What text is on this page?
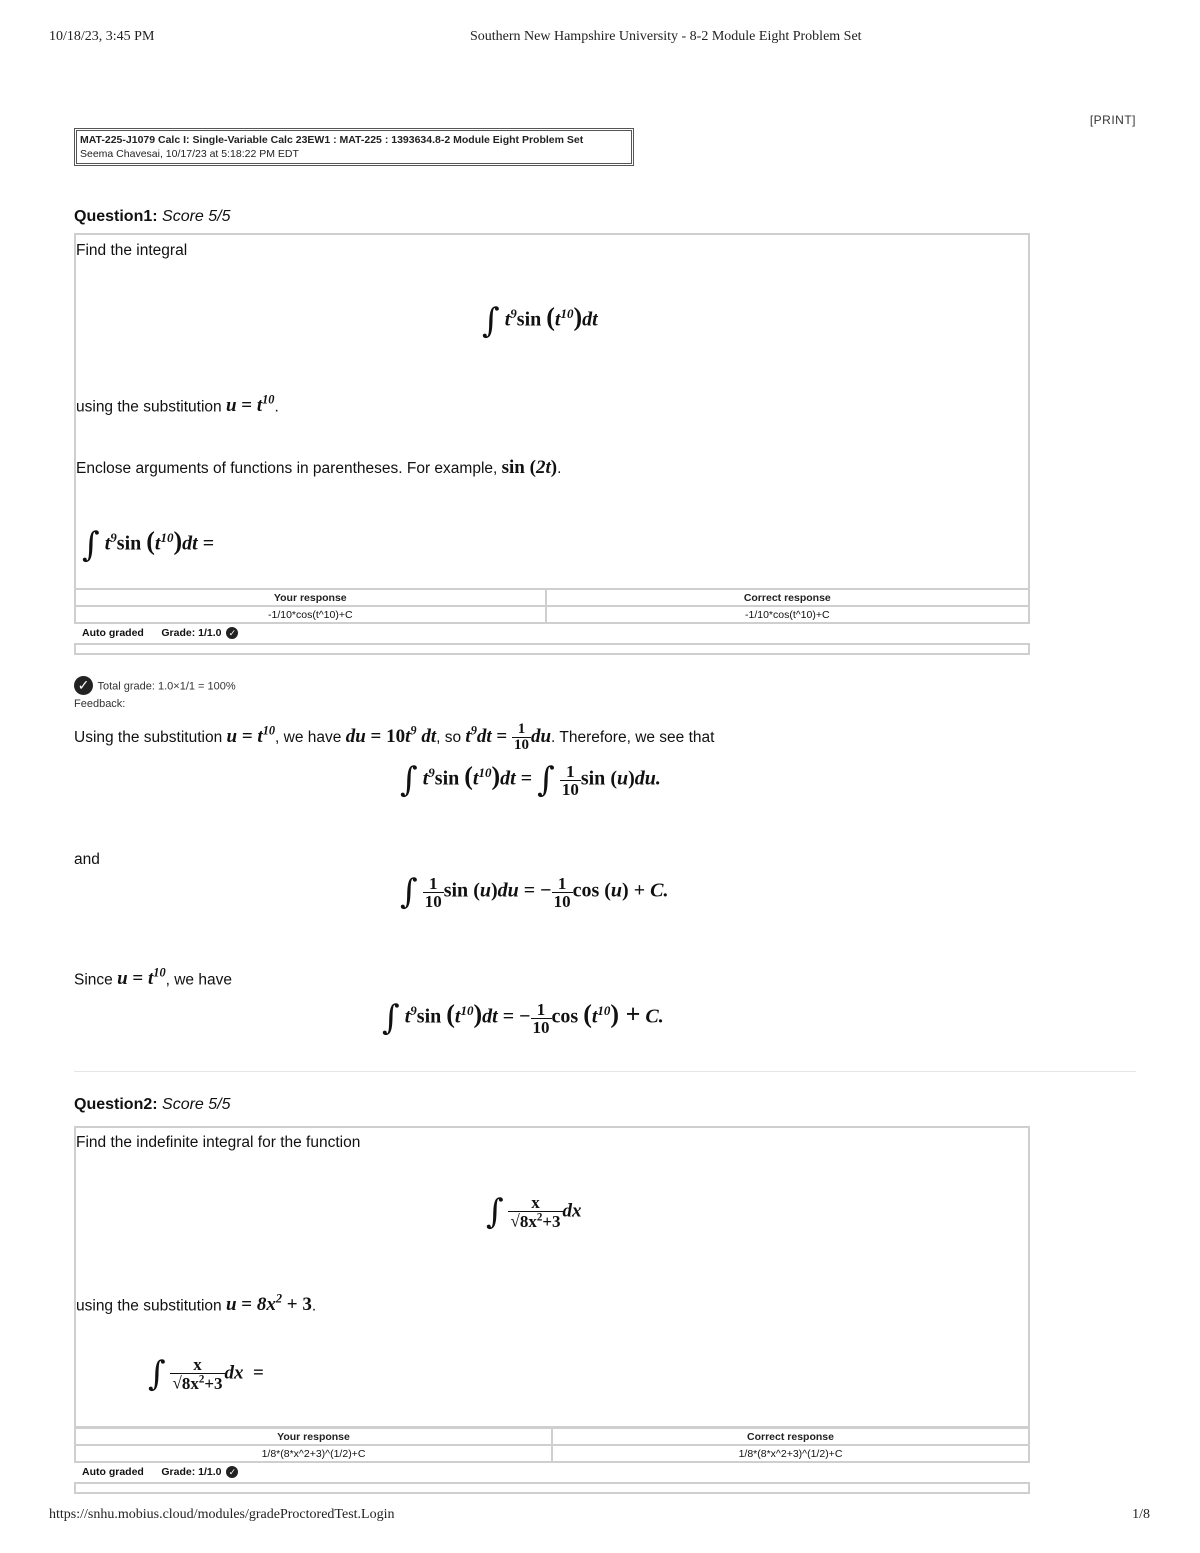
10/18/23, 3:45 PM	Southern New Hampshire University - 8-2 Module Eight Problem Set
[PRINT]
MAT-225-J1079 Calc I: Single-Variable Calc 23EW1 : MAT-225 : 1393634.8-2 Module Eight Problem Set
Seema Chavesai, 10/17/23 at 5:18:22 PM EDT
Question1: Score 5/5
Find the integral
∫ $t^9\sin$ $(t^{10})dt$
using the substitution $u = t^{10}$.
Enclose arguments of functions in parentheses. For example, sin (2t).
∫ $t^9\sin$ $(t^{10})dt$ =
Your response	Correct response
-1/10*cos(t^10)+C	-1/10*cos(t^10)+C
Auto graded Grade: 1/1.0 ✓
✓ Total grade: 1.0×1/1 = 100%
Feedback:
Using the substitution $u = t^{10}$, we have du = $10t^9$ dt, so $t^9dt = \frac{1}{10}$ du. Therefore, we see that
∫ $t^9\sin$ $(t^{10})dt$ = ∫ $\frac{1}{10}$ sin (u)du.
and
∫ $\frac{1}{10}$ sin (u)du = − $\frac{1}{10}$ cos (u) + C.
Since $u = t^{10}$, we have
∫ $t^9\sin$ $(t^{10})dt$ = − $\frac{1}{10}$ $\cos (t^{10}) + C$.
Question2: Score 5/5
Find the indefinite integral for the function
∫ $\frac{x}{√8x^2+3}$ dx
using the substitution $u = 8x^2 + 3$.
∫ $\frac{x}{√8x^2+3}$ dx  =
Your response	Correct response
1/8*(8*x^2+3)^(1/2)+C	1/8*(8*x^2+3)^(1/2)+C
Auto graded Grade: 1/1.0 ✓
https://snhu.mobius.cloud/modules/gradeProctoredTest.Login	1/8
